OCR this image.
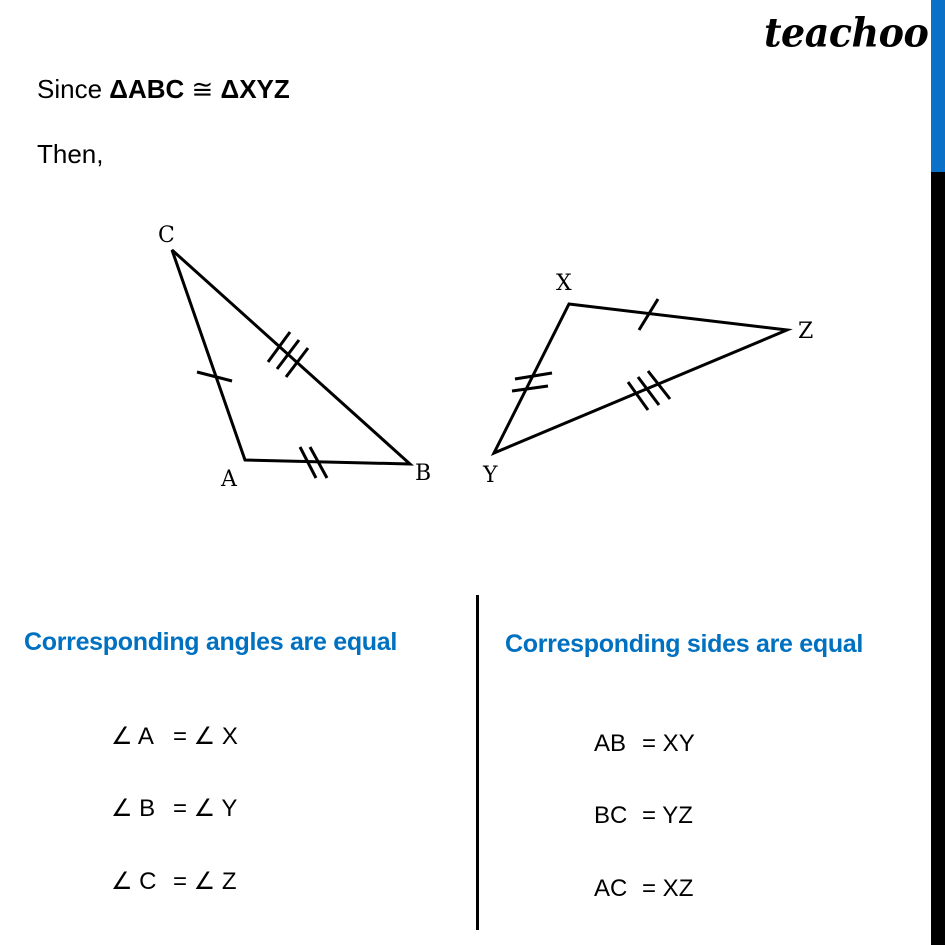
teachoo
Since ΔABC ≅ ΔXYZ
Then,
C
A	B
X
Z
Y
Corresponding angles are equal
∠ A = ∠ X
∠ B = ∠ Y
∠ C = ∠ Z
Corresponding sides are equal
AB = XY
BC = YZ
AC = XZ
